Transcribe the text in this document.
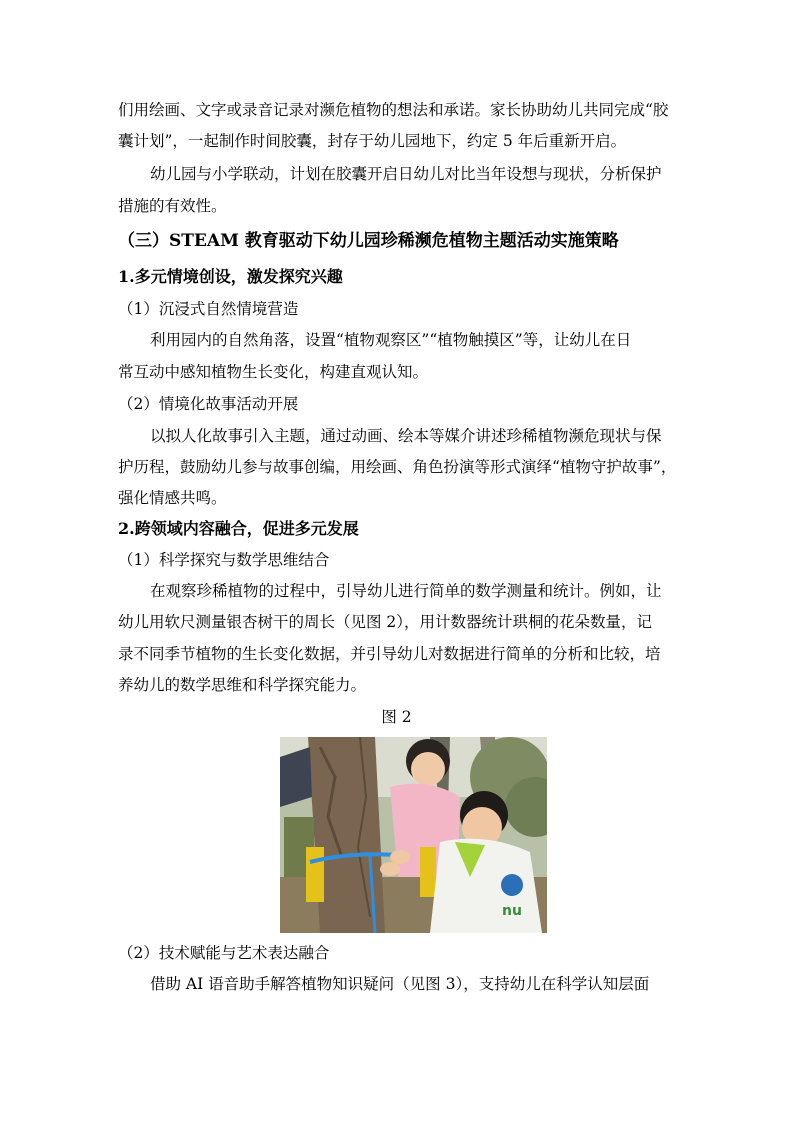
们用绘画、文字或录音记录对濒危植物的想法和承诺。家长协助幼儿共同完成“胶
囊计划”，一起制作时间胶囊，封存于幼儿园地下，约定 5 年后重新开启。
幼儿园与小学联动，计划在胶囊开启日幼儿对比当年设想与现状，分析保护
措施的有效性。
（三）STEAM 教育驱动下幼儿园珍稀濒危植物主题活动实施策略
1.多元情境创设，激发探究兴趣
（1）沉浸式自然情境营造
利用园内的自然角落，设置“植物观察区”“植物触摸区”等，让幼儿在日
常互动中感知植物生长变化，构建直观认知。
（2）情境化故事活动开展
以拟人化故事引入主题，通过动画、绘本等媒介讲述珍稀植物濒危现状与保
护历程，鼓励幼儿参与故事创编，用绘画、角色扮演等形式演绎“植物守护故事”，
强化情感共鸣。
2.跨领域内容融合，促进多元发展
（1）科学探究与数学思维结合
在观察珍稀植物的过程中，引导幼儿进行简单的数学测量和统计。例如，让
幼儿用软尺测量银杏树干的周长（见图 2），用计数器统计珙桐的花朵数量，记
录不同季节植物的生长变化数据，并引导幼儿对数据进行简单的分析和比较，培
养幼儿的数学思维和科学探究能力。
图 2
nu
（2）技术赋能与艺术表达融合
借助 AI 语音助手解答植物知识疑问（见图 3），支持幼儿在科学认知层面
